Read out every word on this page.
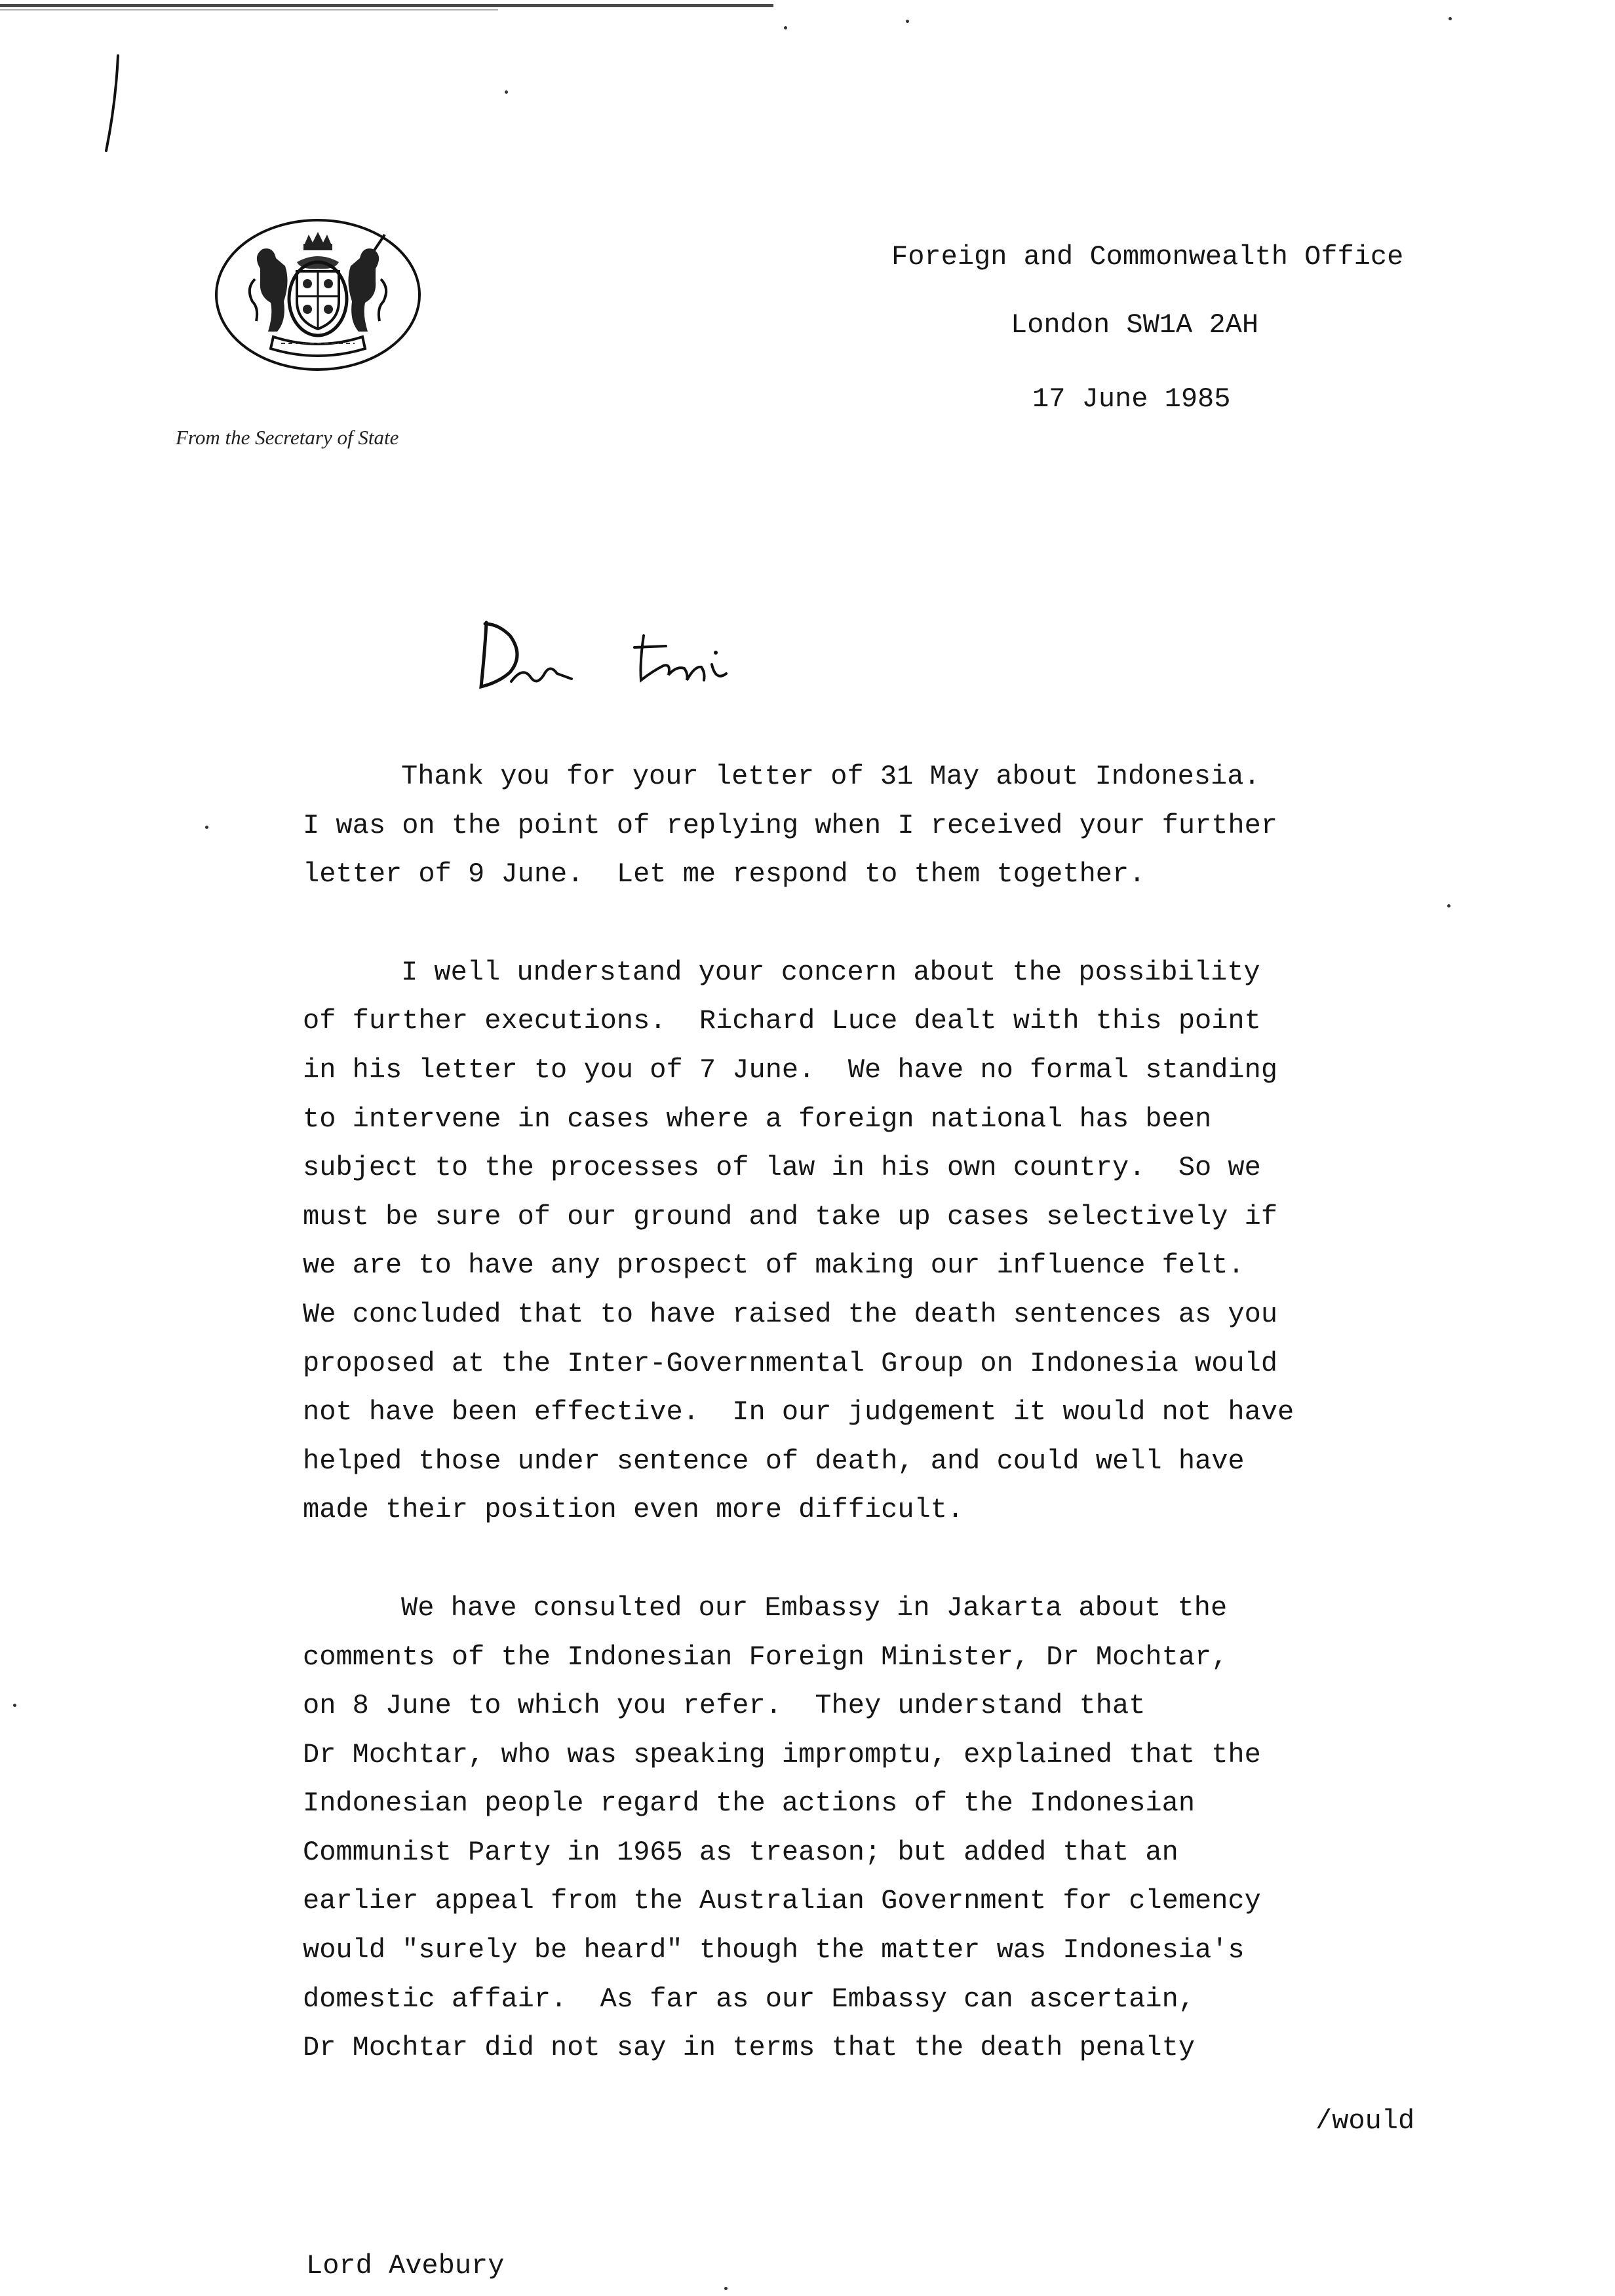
From the Secretary of State
Foreign and Commonwealth Office
London SW1A 2AH
17 June 1985

Thank you for your letter of 31 May about Indonesia.
I was on the point of replying when I received your further
letter of 9 June.  Let me respond to them together.

I well understand your concern about the possibility
of further executions.  Richard Luce dealt with this point
in his letter to you of 7 June.  We have no formal standing
to intervene in cases where a foreign national has been
subject to the processes of law in his own country.  So we
must be sure of our ground and take up cases selectively if
we are to have any prospect of making our influence felt.
We concluded that to have raised the death sentences as you
proposed at the Inter-Governmental Group on Indonesia would
not have been effective.  In our judgement it would not have
helped those under sentence of death, and could well have
made their position even more difficult.

We have consulted our Embassy in Jakarta about the
comments of the Indonesian Foreign Minister, Dr Mochtar,
on 8 June to which you refer.  They understand that
Dr Mochtar, who was speaking impromptu, explained that the
Indonesian people regard the actions of the Indonesian
Communist Party in 1965 as treason; but added that an
earlier appeal from the Australian Government for clemency
would "surely be heard" though the matter was Indonesia's
domestic affair.  As far as our Embassy can ascertain,
Dr Mochtar did not say in terms that the death penalty

/would
Lord Avebury
